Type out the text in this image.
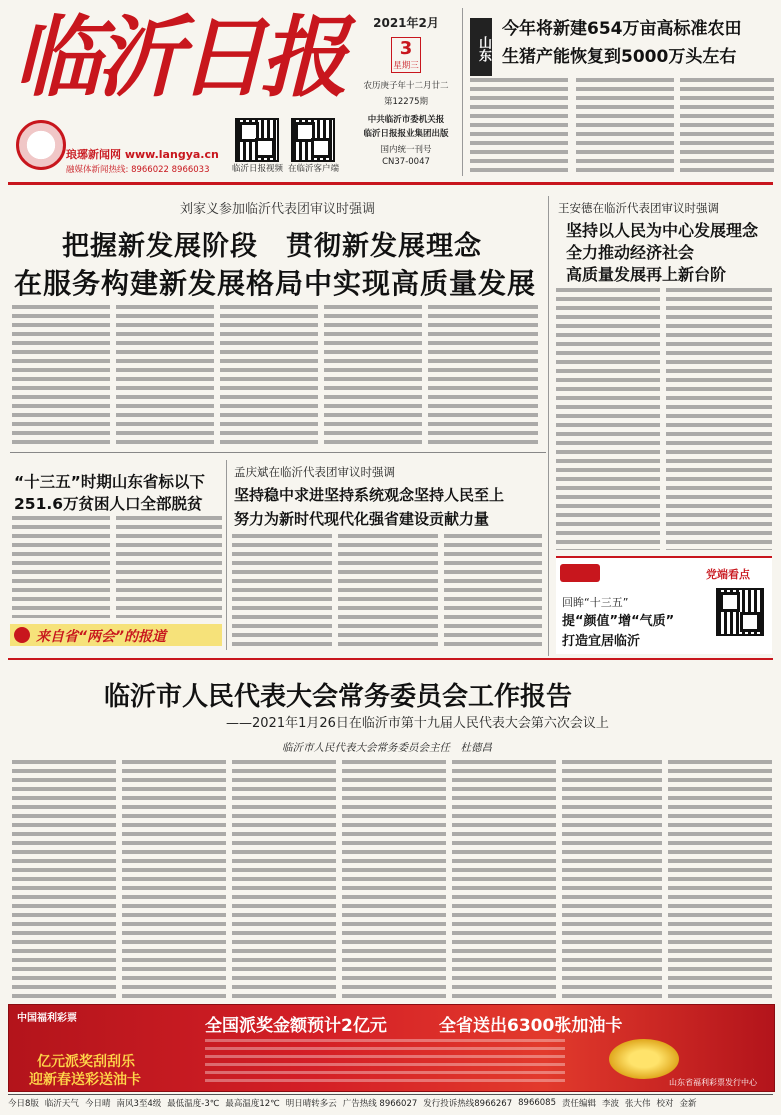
临沂日报
琅琊新闻网 www.langya.cn
融媒体新闻热线: 8966022 8966033	临沂日报视频 在临沂客户端
2021年2月
3
星期三
农历庚子年十二月廿二
第12275期
中共临沂市委机关报
临沂日报报业集团出版
国内统一刊号
CN37-0047
山东
今年将新建654万亩高标准农田
生猪产能恢复到5000万头左右
刘家义参加临沂代表团审议时强调
把握新发展阶段　贯彻新发展理念
在服务构建新发展格局中实现高质量发展
王安德在临沂代表团审议时强调
坚持以人民为中心发展理念
全力推动经济社会
高质量发展再上新台阶
“十三五”时期山东省标以下
251.6万贫困人口全部脱贫
来自省“两会”的报道
孟庆斌在临沂代表团审议时强调
坚持稳中求进坚持系统观念坚持人民至上
努力为新时代现代化强省建设贡献力量
党端看点
回眸“十三五”
提“颜值”增“气质”
打造宜居临沂
临沂市人民代表大会常务委员会工作报告
——2021年1月26日在临沂市第十九届人民代表大会第六次会议上
临沂市人民代表大会常务委员会主任　杜德昌
中国福利彩票
亿元派奖刮刮乐
迎新春送彩送油卡
全国派奖金额预计2亿元	全省送出6300张加油卡
山东省福利彩票发行中心
今日8版 临沂天气 今日晴 南风3至4级 最低温度-3℃ 最高温度12℃ 明日晴转多云 广告热线 8966027 发行投诉热线8966267 8966085 责任编辑 李波 张大伟 校对 金新
